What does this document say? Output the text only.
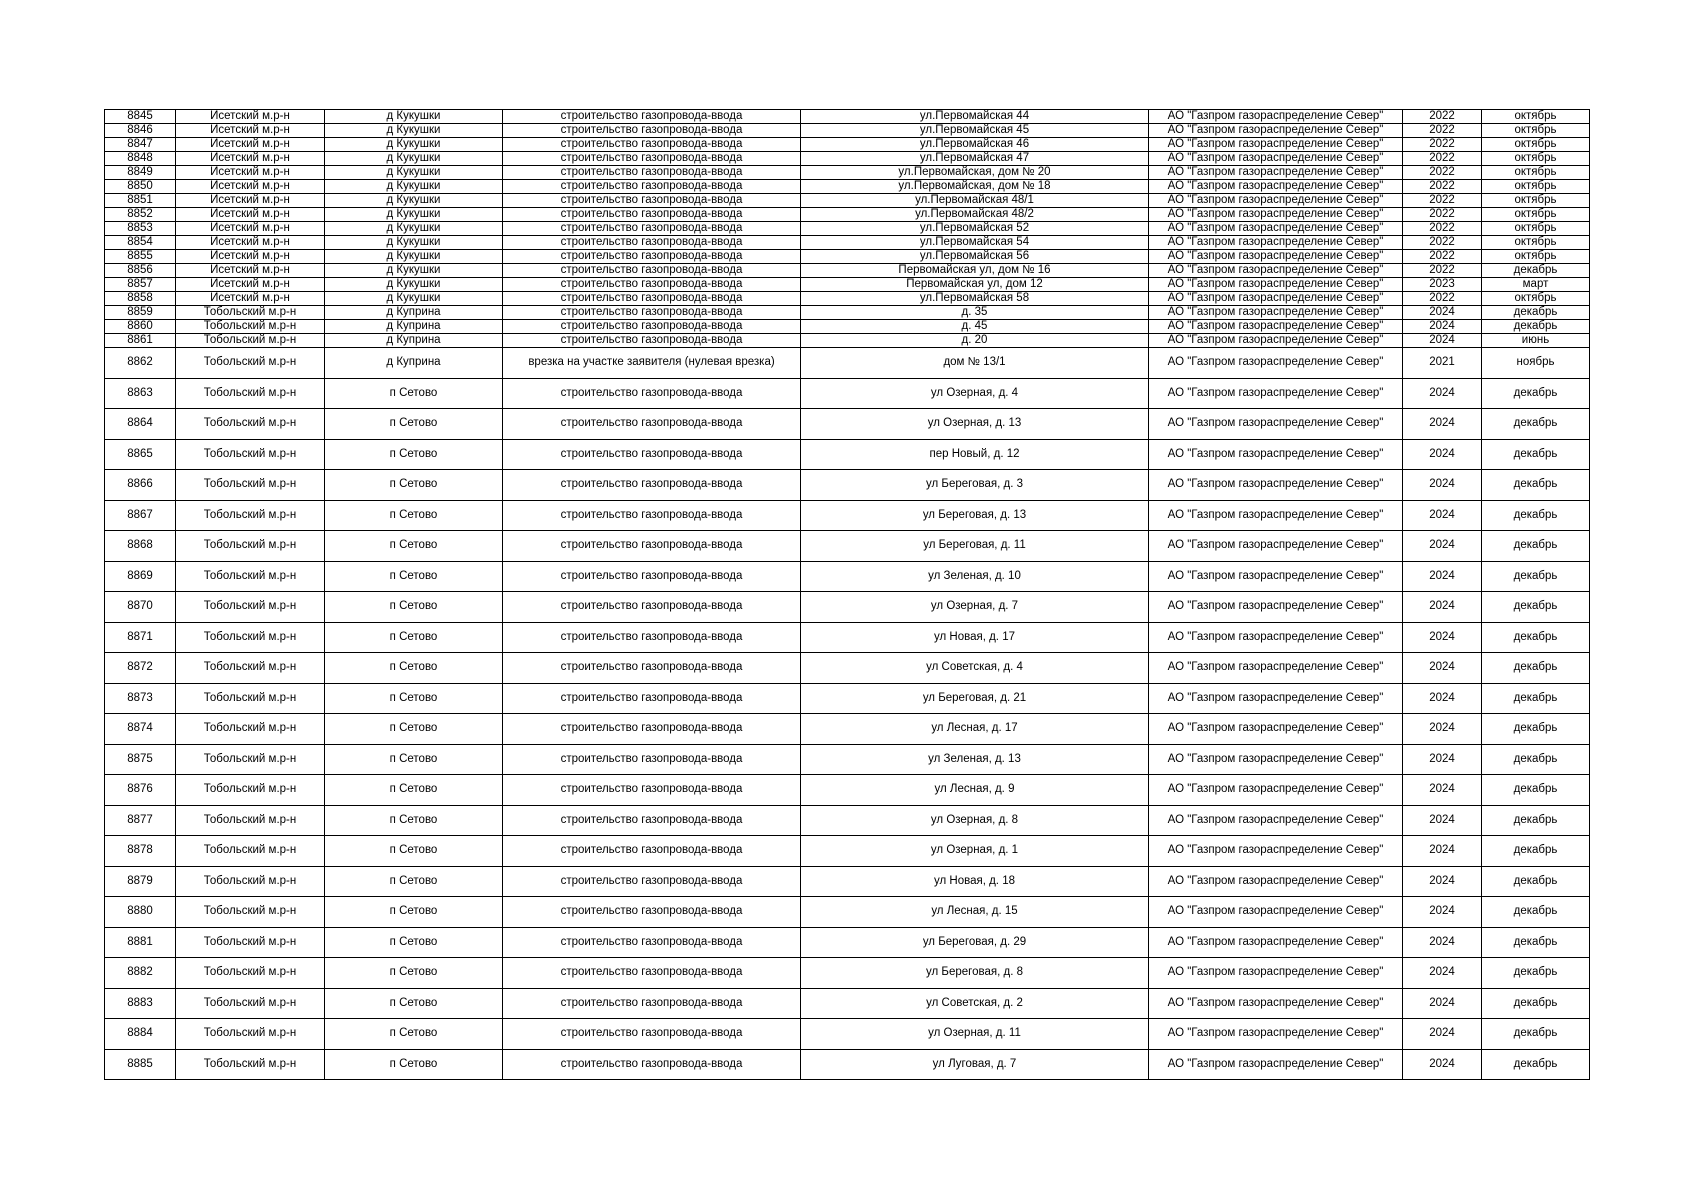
8845	Исетский м.р-н	д Кукушки	строительство газопровода-ввода	ул.Первомайская 44	АО "Газпром газораспределение Север"	2022	октябрь
8846	Исетский м.р-н	д Кукушки	строительство газопровода-ввода	ул.Первомайская 45	АО "Газпром газораспределение Север"	2022	октябрь
8847	Исетский м.р-н	д Кукушки	строительство газопровода-ввода	ул.Первомайская 46	АО "Газпром газораспределение Север"	2022	октябрь
8848	Исетский м.р-н	д Кукушки	строительство газопровода-ввода	ул.Первомайская 47	АО "Газпром газораспределение Север"	2022	октябрь
8849	Исетский м.р-н	д Кукушки	строительство газопровода-ввода	ул.Первомайская, дом № 20	АО "Газпром газораспределение Север"	2022	октябрь
8850	Исетский м.р-н	д Кукушки	строительство газопровода-ввода	ул.Первомайская, дом № 18	АО "Газпром газораспределение Север"	2022	октябрь
8851	Исетский м.р-н	д Кукушки	строительство газопровода-ввода	ул.Первомайская 48/1	АО "Газпром газораспределение Север"	2022	октябрь
8852	Исетский м.р-н	д Кукушки	строительство газопровода-ввода	ул.Первомайская 48/2	АО "Газпром газораспределение Север"	2022	октябрь
8853	Исетский м.р-н	д Кукушки	строительство газопровода-ввода	ул.Первомайская 52	АО "Газпром газораспределение Север"	2022	октябрь
8854	Исетский м.р-н	д Кукушки	строительство газопровода-ввода	ул.Первомайская 54	АО "Газпром газораспределение Север"	2022	октябрь
8855	Исетский м.р-н	д Кукушки	строительство газопровода-ввода	ул.Первомайская 56	АО "Газпром газораспределение Север"	2022	октябрь
8856	Исетский м.р-н	д Кукушки	строительство газопровода-ввода	Первомайская ул, дом № 16	АО "Газпром газораспределение Север"	2022	декабрь
8857	Исетский м.р-н	д Кукушки	строительство газопровода-ввода	Первомайская ул, дом 12	АО "Газпром газораспределение Север"	2023	март
8858	Исетский м.р-н	д Кукушки	строительство газопровода-ввода	ул.Первомайская 58	АО "Газпром газораспределение Север"	2022	октябрь
8859	Тобольский м.р-н	д Куприна	строительство газопровода-ввода	д. 35	АО "Газпром газораспределение Север"	2024	декабрь
8860	Тобольский м.р-н	д Куприна	строительство газопровода-ввода	д. 45	АО "Газпром газораспределение Север"	2024	декабрь
8861	Тобольский м.р-н	д Куприна	строительство газопровода-ввода	д. 20	АО "Газпром газораспределение Север"	2024	июнь
8862	Тобольский м.р-н	д Куприна	врезка на участке заявителя (нулевая врезка)	дом № 13/1	АО "Газпром газораспределение Север"	2021	ноябрь
8863	Тобольский м.р-н	п Сетово	строительство газопровода-ввода	ул Озерная, д. 4	АО "Газпром газораспределение Север"	2024	декабрь
8864	Тобольский м.р-н	п Сетово	строительство газопровода-ввода	ул Озерная, д. 13	АО "Газпром газораспределение Север"	2024	декабрь
8865	Тобольский м.р-н	п Сетово	строительство газопровода-ввода	пер Новый, д. 12	АО "Газпром газораспределение Север"	2024	декабрь
8866	Тобольский м.р-н	п Сетово	строительство газопровода-ввода	ул Береговая, д. 3	АО "Газпром газораспределение Север"	2024	декабрь
8867	Тобольский м.р-н	п Сетово	строительство газопровода-ввода	ул Береговая, д. 13	АО "Газпром газораспределение Север"	2024	декабрь
8868	Тобольский м.р-н	п Сетово	строительство газопровода-ввода	ул Береговая, д. 11	АО "Газпром газораспределение Север"	2024	декабрь
8869	Тобольский м.р-н	п Сетово	строительство газопровода-ввода	ул Зеленая, д. 10	АО "Газпром газораспределение Север"	2024	декабрь
8870	Тобольский м.р-н	п Сетово	строительство газопровода-ввода	ул Озерная, д. 7	АО "Газпром газораспределение Север"	2024	декабрь
8871	Тобольский м.р-н	п Сетово	строительство газопровода-ввода	ул Новая, д. 17	АО "Газпром газораспределение Север"	2024	декабрь
8872	Тобольский м.р-н	п Сетово	строительство газопровода-ввода	ул Советская, д. 4	АО "Газпром газораспределение Север"	2024	декабрь
8873	Тобольский м.р-н	п Сетово	строительство газопровода-ввода	ул Береговая, д. 21	АО "Газпром газораспределение Север"	2024	декабрь
8874	Тобольский м.р-н	п Сетово	строительство газопровода-ввода	ул Лесная, д. 17	АО "Газпром газораспределение Север"	2024	декабрь
8875	Тобольский м.р-н	п Сетово	строительство газопровода-ввода	ул Зеленая, д. 13	АО "Газпром газораспределение Север"	2024	декабрь
8876	Тобольский м.р-н	п Сетово	строительство газопровода-ввода	ул Лесная, д. 9	АО "Газпром газораспределение Север"	2024	декабрь
8877	Тобольский м.р-н	п Сетово	строительство газопровода-ввода	ул Озерная, д. 8	АО "Газпром газораспределение Север"	2024	декабрь
8878	Тобольский м.р-н	п Сетово	строительство газопровода-ввода	ул Озерная, д. 1	АО "Газпром газораспределение Север"	2024	декабрь
8879	Тобольский м.р-н	п Сетово	строительство газопровода-ввода	ул Новая, д. 18	АО "Газпром газораспределение Север"	2024	декабрь
8880	Тобольский м.р-н	п Сетово	строительство газопровода-ввода	ул Лесная, д. 15	АО "Газпром газораспределение Север"	2024	декабрь
8881	Тобольский м.р-н	п Сетово	строительство газопровода-ввода	ул Береговая, д. 29	АО "Газпром газораспределение Север"	2024	декабрь
8882	Тобольский м.р-н	п Сетово	строительство газопровода-ввода	ул Береговая, д. 8	АО "Газпром газораспределение Север"	2024	декабрь
8883	Тобольский м.р-н	п Сетово	строительство газопровода-ввода	ул Советская, д. 2	АО "Газпром газораспределение Север"	2024	декабрь
8884	Тобольский м.р-н	п Сетово	строительство газопровода-ввода	ул Озерная, д. 11	АО "Газпром газораспределение Север"	2024	декабрь
8885	Тобольский м.р-н	п Сетово	строительство газопровода-ввода	ул Луговая, д. 7	АО "Газпром газораспределение Север"	2024	декабрь
